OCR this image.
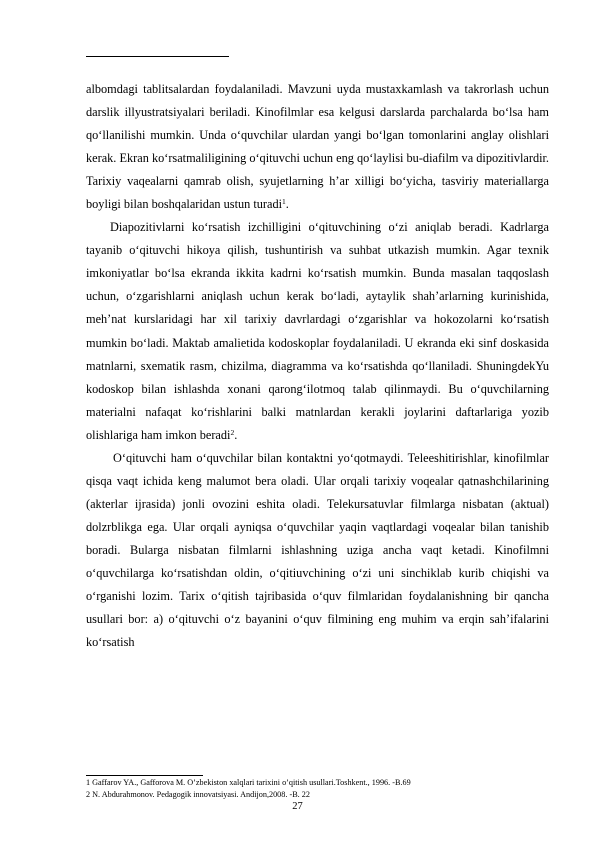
albomdagi tablitsalardan foydalaniladi. Mavzuni uyda mustaxkamlash va takrorlash uchun darslik illyustratsiyalari beriladi. Kinofilmlar esa kelgusi darslarda parchalarda bo‘lsa ham qo‘llanilishi mumkin. Unda o‘quvchilar ulardan yangi bo‘lgan tomonlarini anglay olishlari kerak. Ekran ko‘rsatmaliligining o‘qituvchi uchun eng qo‘laylisi bu-diafilm va dipozitivlardir. Tarixiy vaqealarni qamrab olish, syujetlarning h’ar xilligi bo‘yicha, tasviriy materiallarga boyligi bilan boshqalaridan ustun turadi$^1$.

Diapozitivlarni ko‘rsatish izchilligini o‘qituvchining o‘zi aniqlab beradi. Kadrlarga tayanib o‘qituvchi hikoya qilish, tushuntirish va suhbat utkazish mumkin. Agar texnik imkoniyatlar bo‘lsa ekranda ikkita kadrni ko‘rsatish mumkin. Bunda masalan taqqoslash uchun, o‘zgarishlarni aniqlash uchun kerak bo‘ladi, aytaylik shah’arlarning kurinishida, meh’nat kurslaridagi har xil tarixiy davrlardagi o‘zgarishlar va hokozolarni ko‘rsatish mumkin bo‘ladi. Maktab amalietida kodoskoplar foydalaniladi. U ekranda eki sinf doskasida matnlarni, sxematik rasm, chizilma, diagramma va ko‘rsatishda qo‘llaniladi. ShuningdekYu kodoskop bilan ishlashda xonani qarong‘ilotmoq talab qilinmaydi. Bu o‘quvchilarning materialni nafaqat ko‘rishlarini balki matnlardan kerakli joylarini daftarlariga yozib olishlariga ham imkon beradi$^2$.

O‘qituvchi ham o‘quvchilar bilan kontaktni yo‘qotmaydi. Teleeshitirishlar, kinofilmlar qisqa vaqt ichida keng malumot bera oladi. Ular orqali tarixiy voqealar qatnashchilarining (akterlar ijrasida) jonli ovozini eshita oladi. Telekursatuvlar filmlarga nisbatan (aktual) dolzrblikga ega. Ular orqali ayniqsa o‘quvchilar yaqin vaqtlardagi voqealar bilan tanishib boradi. Bularga nisbatan filmlarni ishlashning uziga ancha vaqt ketadi. Kinofilmni o‘quvchilarga ko‘rsatishdan oldin, o‘qitiuvchining o‘zi uni sinchiklab kurib chiqishi va o‘rganishi lozim. Tarix o‘qitish tajribasida o‘quv filmlaridan foydalanishning bir qancha usullari bor: a) o‘qituvchi o‘z bayanini o‘quv filmining eng muhim va erqin sah’ifalarini ko‘rsatish

1 Gaffarov YA., Gafforova M. O’zbekiston xalqlari tarixini o’qitish usullari.Toshkent., 1996. -B.69

2 N. Abdurahmonov. Pedagogik innovatsiyasi. Andijon,2008. -B. 22

27
